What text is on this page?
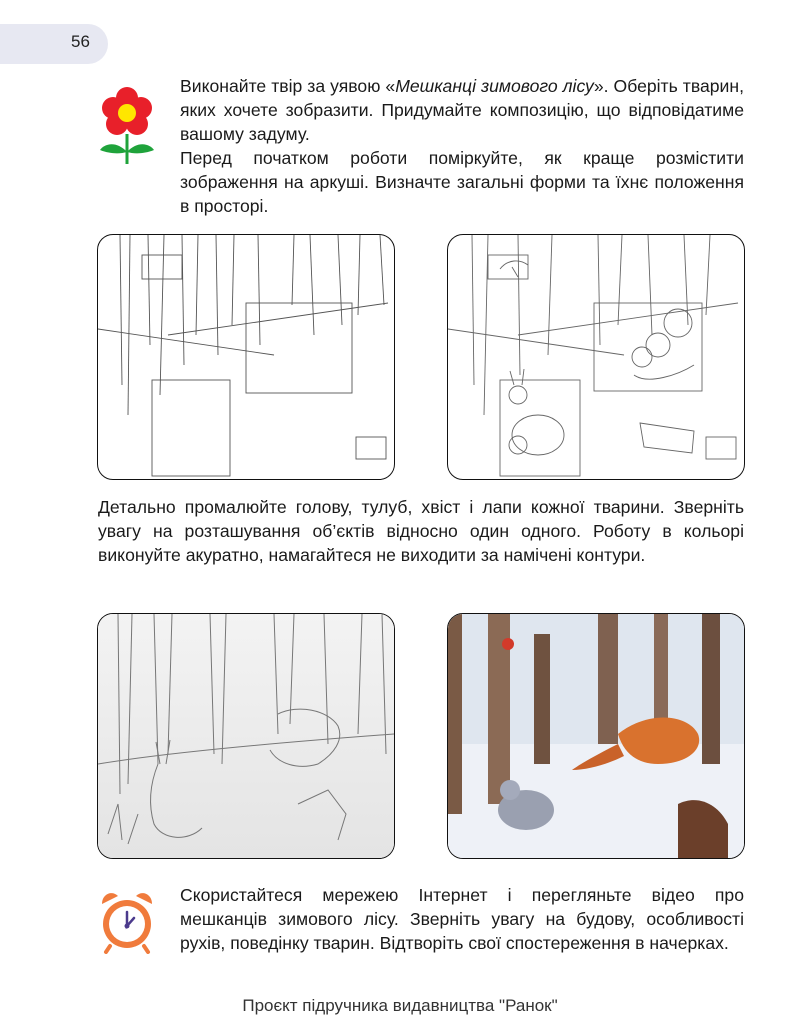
56

Виконайте твір за уявою «Мешканці зимового лісу». Оберіть тварин, яких хочете зобразити. Придумайте композицію, що відповідатиме вашому задуму.
Перед початком роботи поміркуйте, як краще розмістити зображення на аркуші. Визначте загальні форми та їхнє положення в просторі.

Детально промалюйте голову, тулуб, хвіст і лапи кожної тварини. Зверніть увагу на розташування об’єктів відносно один одного. Роботу в кольорі виконуйте акуратно, намагайтеся не виходити за намічені контури.

Скористайтеся мережею Інтернет і перегляньте відео про мешканців зимового лісу. Зверніть увагу на будову, особливості рухів, поведінку тварин. Відтворіть свої спостереження в начерках.

Проєкт підручника видавництва "Ранок"
